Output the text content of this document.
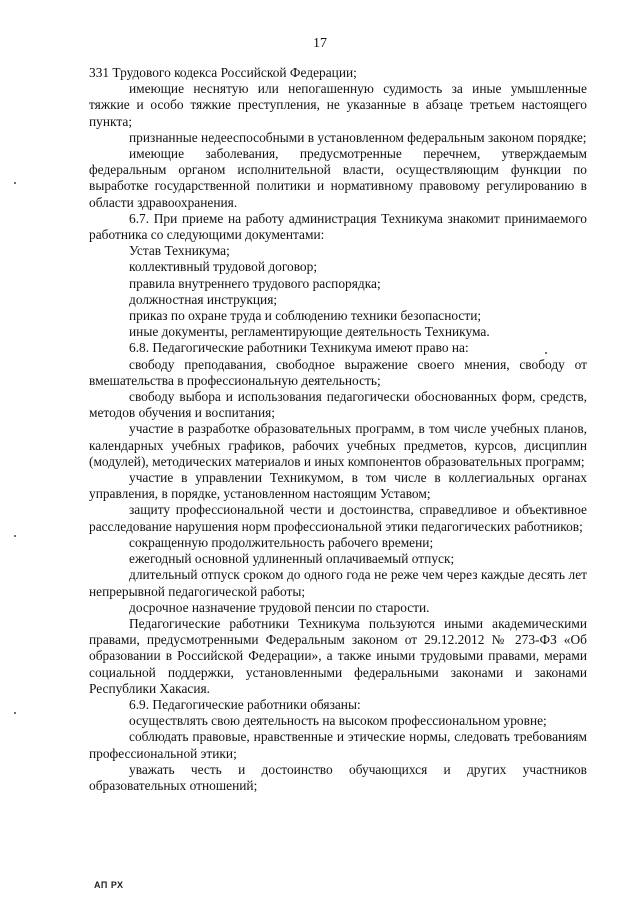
17

331 Трудового кодекса Российской Федерации;

имеющие неснятую или непогашенную судимость за иные умышленные тяжкие и особо тяжкие преступления, не указанные в абзаце третьем настоящего пункта;

признанные недееспособными в установленном федеральным законом порядке;

имеющие заболевания, предусмотренные перечнем, утверждаемым федеральным органом исполнительной власти, осуществляющим функции по выработке государственной политики и нормативному правовому регулированию в области здравоохранения.

6.7. При приеме на работу администрация Техникума знакомит принимаемого работника со следующими документами:

Устав Техникума;

коллективный трудовой договор;

правила внутреннего трудового распорядка;

должностная инструкция;

приказ по охране труда и соблюдению техники безопасности;

иные документы, регламентирующие деятельность Техникума.

6.8. Педагогические работники Техникума имеют право на:

свободу преподавания, свободное выражение своего мнения, свободу от вмешательства в профессиональную деятельность;

свободу выбора и использования педагогически обоснованных форм, средств, методов обучения и воспитания;

участие в разработке образовательных программ, в том числе учебных планов, календарных учебных графиков, рабочих учебных предметов, курсов, дисциплин (модулей), методических материалов и иных компонентов образовательных программ;

участие в управлении Техникумом, в том числе в коллегиальных органах управления, в порядке, установленном настоящим Уставом;

защиту профессиональной чести и достоинства, справедливое и объективное расследование нарушения норм профессиональной этики педагогических работников;

сокращенную продолжительность рабочего времени;

ежегодный основной удлиненный оплачиваемый отпуск;

длительный отпуск сроком до одного года не реже чем через каждые десять лет непрерывной педагогической работы;

досрочное назначение трудовой пенсии по старости.

Педагогические работники Техникума пользуются иными академическими правами, предусмотренными Федеральным законом от 29.12.2012 № 273-ФЗ «Об образовании в Российской Федерации», а также иными трудовыми правами, мерами социальной поддержки, установленными федеральными законами и законами Республики Хакасия.

6.9. Педагогические работники обязаны:

осуществлять свою деятельность на высоком профессиональном уровне;

соблюдать правовые, нравственные и этические нормы, следовать требованиям профессиональной этики;

уважать честь и достоинство обучающихся и других участников образовательных отношений;

АП РХ
